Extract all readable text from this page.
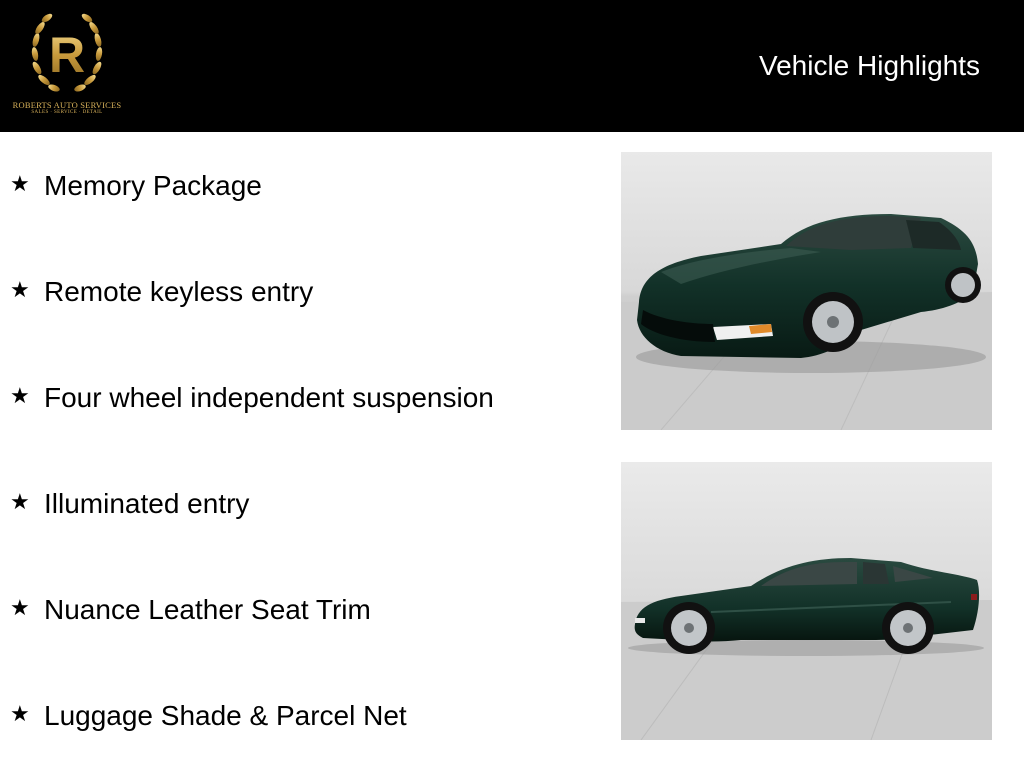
R
ROBERTS AUTO SERVICES
SALES · SERVICE · DETAIL
Vehicle Highlights
★ Memory Package
★ Remote keyless entry
★ Four wheel independent suspension
★ Illuminated entry
★ Nuance Leather Seat Trim
★ Luggage Shade & Parcel Net
